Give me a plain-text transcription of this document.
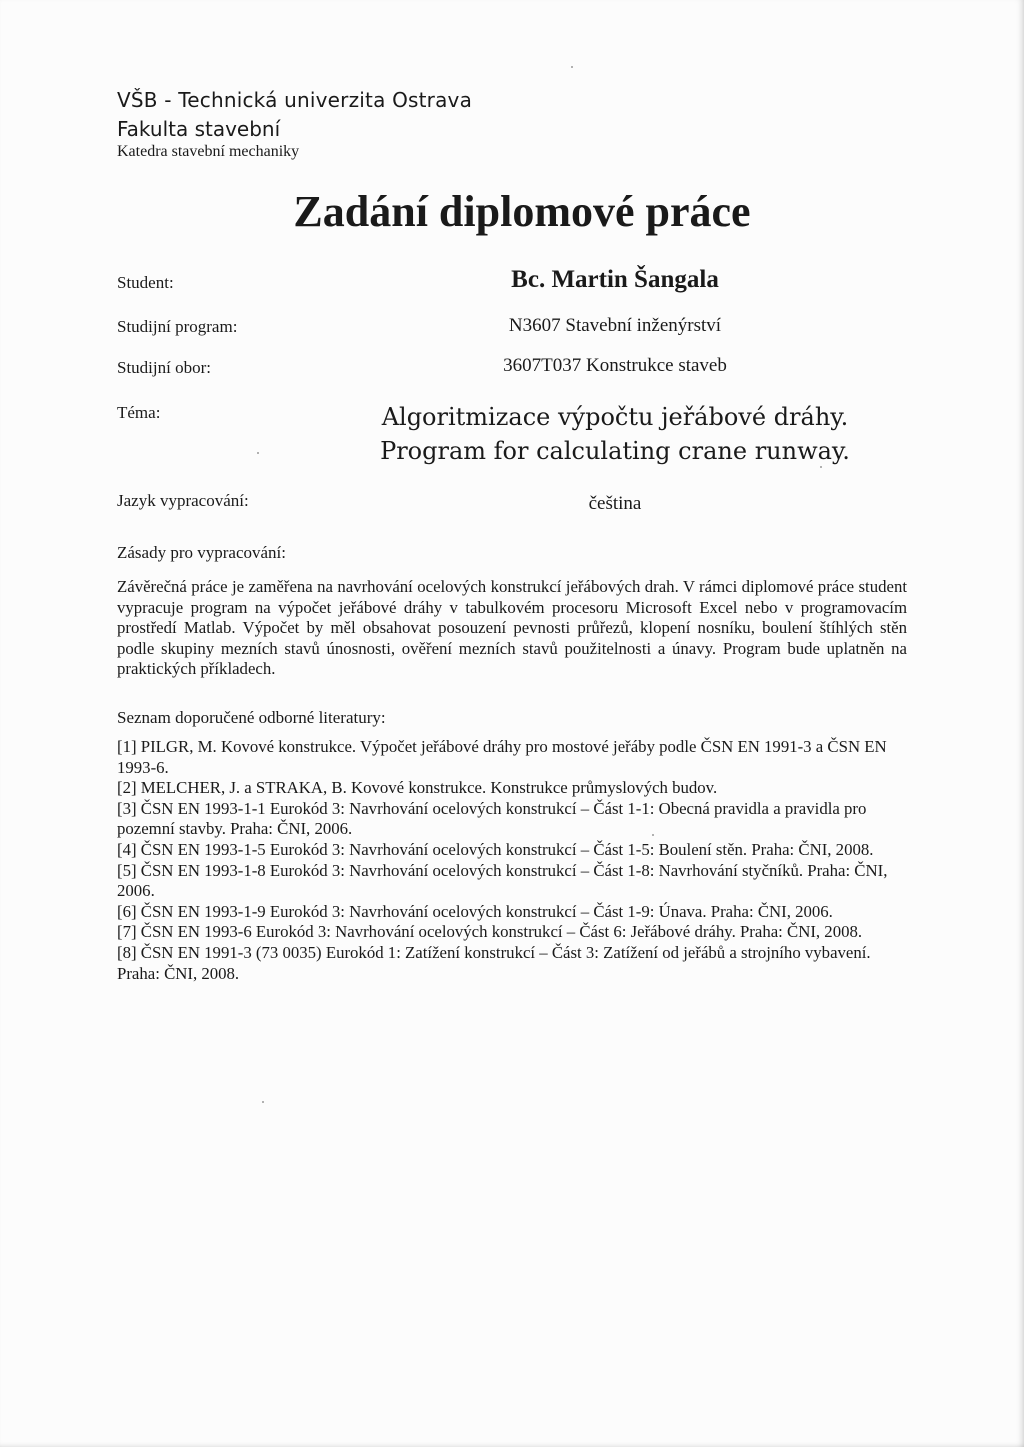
VŠB - Technická univerzita Ostrava
Fakulta stavební
Katedra stavební mechaniky
Zadání diplomové práce
Student:	Bc. Martin Šangala
Studijní program:	N3607 Stavební inženýrství
Studijní obor:	3607T037 Konstrukce staveb
Téma:	Algoritmizace výpočtu jeřábové dráhy.
Program for calculating crane runway.
Jazyk vypracování:	čeština
Zásady pro vypracování:
Závěrečná práce je zaměřena na navrhování ocelových konstrukcí jeřábových drah. V rámci diplomové práce student vypracuje program na výpočet jeřábové dráhy v tabulkovém procesoru Microsoft Excel nebo v programovacím prostředí Matlab. Výpočet by měl obsahovat posouzení pevnosti průřezů, klopení nosníku, boulení štíhlých stěn podle skupiny mezních stavů únosnosti, ověření mezních stavů použitelnosti a únavy. Program bude uplatněn na praktických příkladech.
Seznam doporučené odborné literatury:
[1] PILGR, M. Kovové konstrukce. Výpočet jeřábové dráhy pro mostové jeřáby podle ČSN EN 1991-3 a ČSN EN 1993-6.
[2] MELCHER, J. a STRAKA, B. Kovové konstrukce. Konstrukce průmyslových budov.
[3] ČSN EN 1993-1-1 Eurokód 3: Navrhování ocelových konstrukcí – Část 1-1: Obecná pravidla a pravidla pro pozemní stavby. Praha: ČNI, 2006.
[4] ČSN EN 1993-1-5 Eurokód 3: Navrhování ocelových konstrukcí – Část 1-5: Boulení stěn. Praha: ČNI, 2008.
[5] ČSN EN 1993-1-8 Eurokód 3: Navrhování ocelových konstrukcí – Část 1-8: Navrhování styčníků. Praha: ČNI, 2006.
[6] ČSN EN 1993-1-9 Eurokód 3: Navrhování ocelových konstrukcí – Část 1-9: Únava. Praha: ČNI, 2006.
[7] ČSN EN 1993-6 Eurokód 3: Navrhování ocelových konstrukcí – Část 6: Jeřábové dráhy. Praha: ČNI, 2008.
[8] ČSN EN 1991-3 (73 0035) Eurokód 1: Zatížení konstrukcí – Část 3: Zatížení od jeřábů a strojního vybavení. Praha: ČNI, 2008.
